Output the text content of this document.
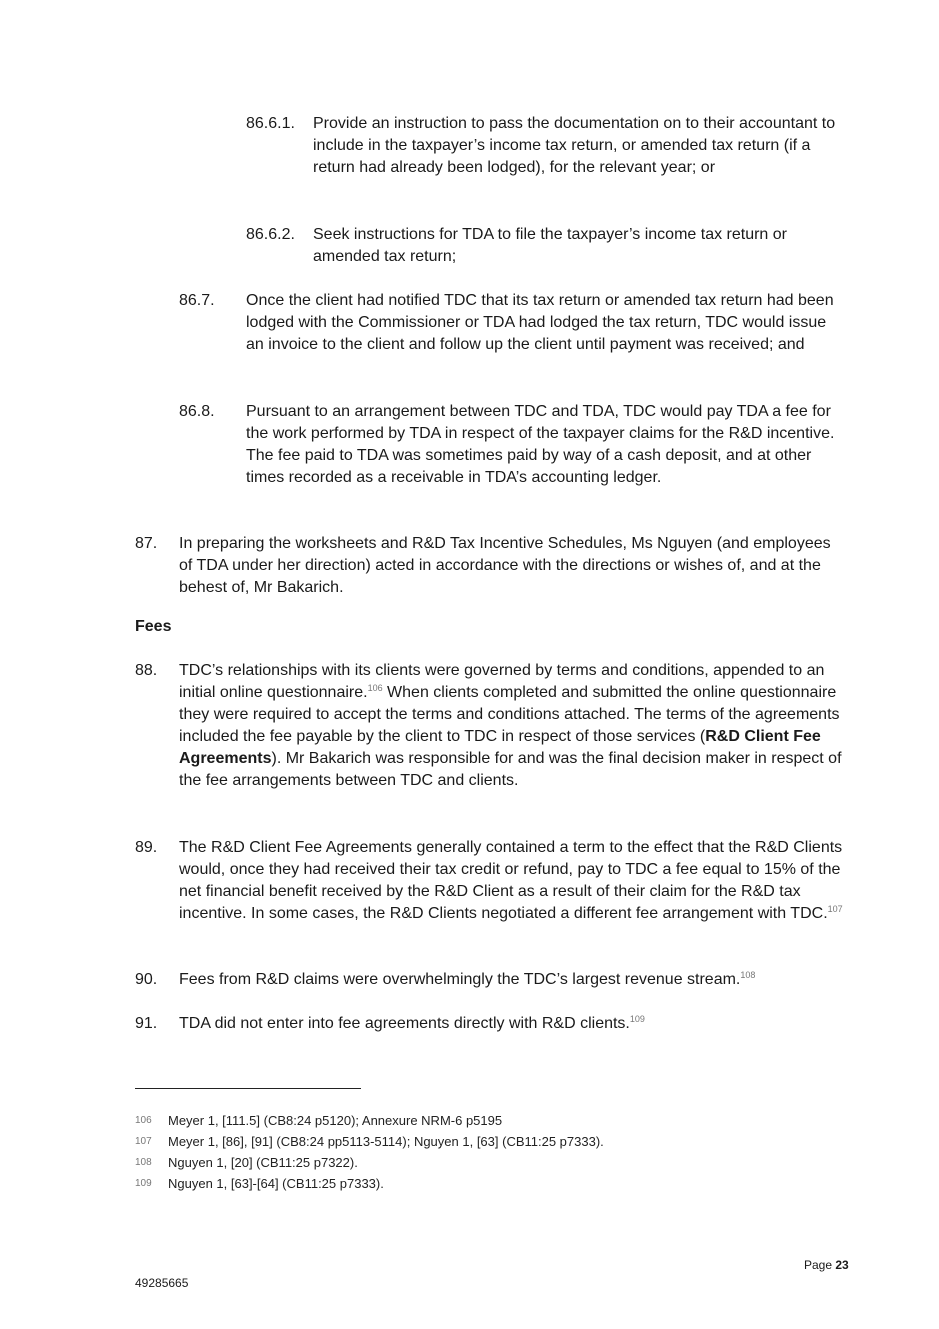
86.6.1.	Provide an instruction to pass the documentation on to their accountant to include in the taxpayer’s income tax return, or amended tax return (if a return had already been lodged), for the relevant year; or
86.6.2.	Seek instructions for TDA to file the taxpayer’s income tax return or amended tax return;
86.7.	Once the client had notified TDC that its tax return or amended tax return had been lodged with the Commissioner or TDA had lodged the tax return, TDC would issue an invoice to the client and follow up the client until payment was received; and
86.8.	Pursuant to an arrangement between TDC and TDA, TDC would pay TDA a fee for the work performed by TDA in respect of the taxpayer claims for the R&D incentive. The fee paid to TDA was sometimes paid by way of a cash deposit, and at other times recorded as a receivable in TDA’s accounting ledger.
87.	In preparing the worksheets and R&D Tax Incentive Schedules, Ms Nguyen (and employees of TDA under her direction) acted in accordance with the directions or wishes of, and at the behest of, Mr Bakarich.
Fees
88.	TDC’s relationships with its clients were governed by terms and conditions, appended to an initial online questionnaire.$^{106}$ When clients completed and submitted the online questionnaire they were required to accept the terms and conditions attached. The terms of the agreements included the fee payable by the client to TDC in respect of those services (R&D Client Fee Agreements). Mr Bakarich was responsible for and was the final decision maker in respect of the fee arrangements between TDC and clients.
89.	The R&D Client Fee Agreements generally contained a term to the effect that the R&D Clients would, once they had received their tax credit or refund, pay to TDC a fee equal to 15% of the net financial benefit received by the R&D Client as a result of their claim for the R&D tax incentive. In some cases, the R&D Clients negotiated a different fee arrangement with TDC.$^{107}$
90.	Fees from R&D claims were overwhelmingly the TDC’s largest revenue stream.$^{108}$
91.	TDA did not enter into fee agreements directly with R&D clients.$^{109}$
106	Meyer 1, [111.5] (CB8:24 p5120); Annexure NRM-6 p5195
107	Meyer 1, [86], [91] (CB8:24 pp5113-5114); Nguyen 1, [63] (CB11:25 p7333).
108	Nguyen 1, [20] (CB11:25 p7322).
109	Nguyen 1, [63]-[64] (CB11:25 p7333).
Page 23
49285665
